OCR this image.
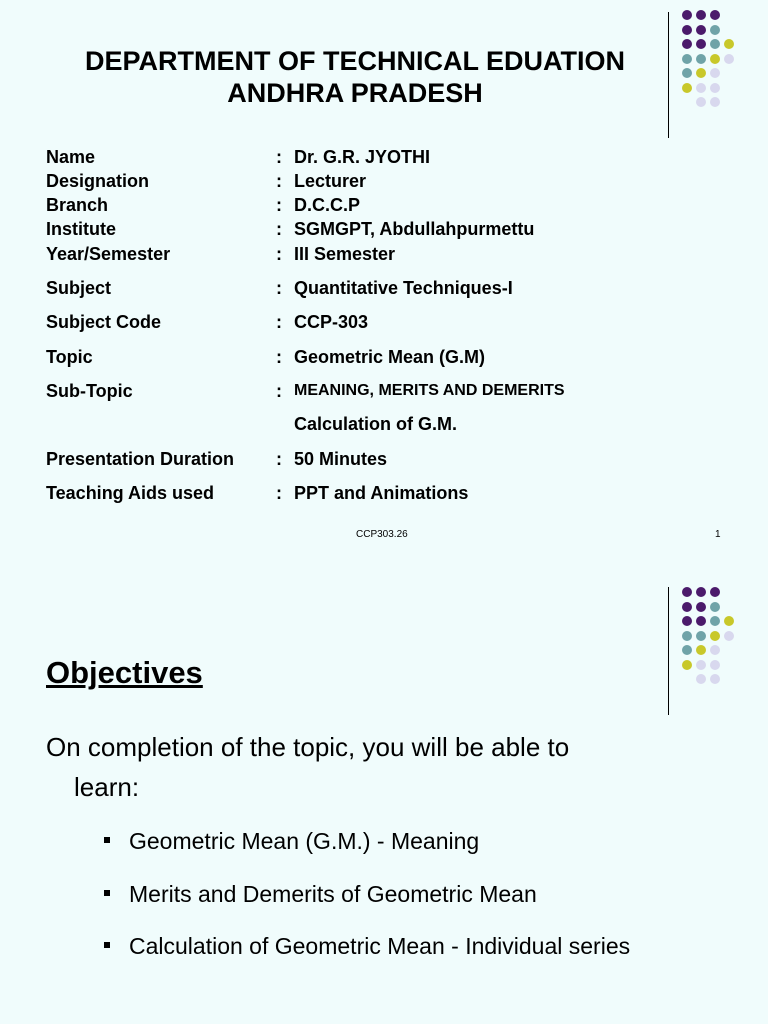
DEPARTMENT OF TECHNICAL EDUATION
ANDHRA PRADESH
Name	: Dr. G.R. JYOTHI
Designation	: Lecturer
Branch	: D.C.C.P
Institute	: SGMGPT, Abdullahpurmettu
Year/Semester	: III Semester
Subject	: Quantitative Techniques-I
Subject Code	: CCP-303
Topic	: Geometric Mean (G.M)
Sub-Topic	: MEANING, MERITS AND DEMERITS
Calculation of G.M.
Presentation Duration : 50 Minutes
Teaching Aids used	: PPT and Animations
CCP303.26	1
Objectives
On completion of the topic, you will be able to
learn:
Geometric Mean (G.M.) - Meaning
Merits and Demerits of Geometric Mean
Calculation of Geometric Mean - Individual series
